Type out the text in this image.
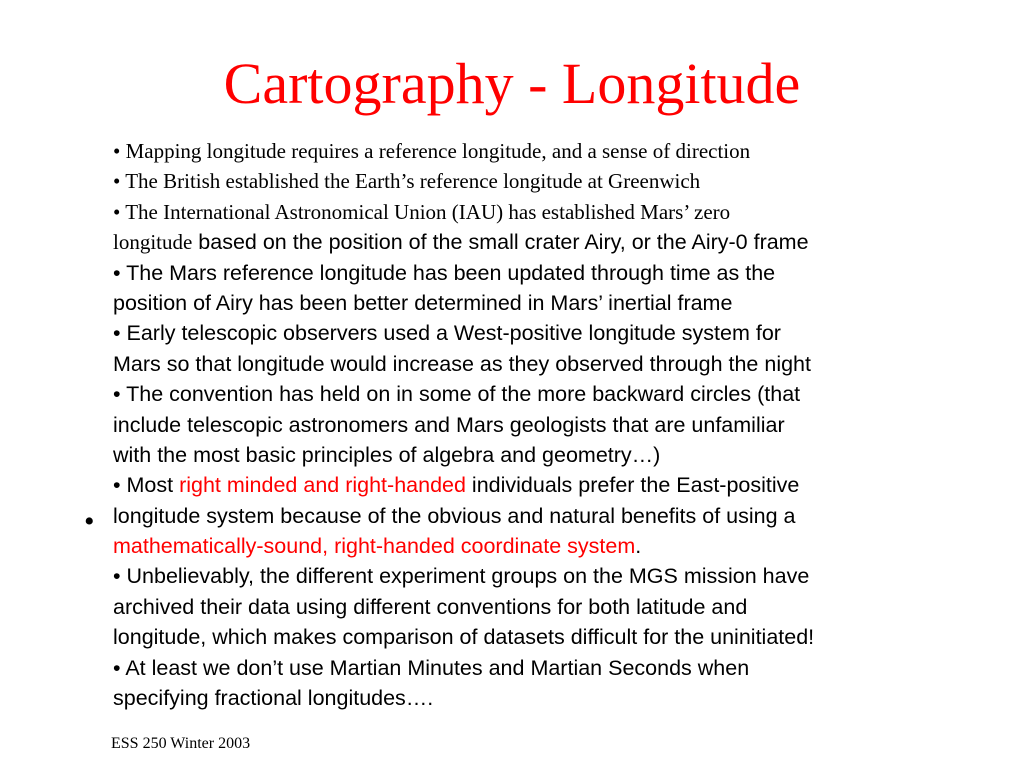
Cartography - Longitude
•
• Mapping longitude requires a reference longitude, and a sense of direction
• The British established the Earth’s reference longitude at Greenwich
• The International Astronomical Union (IAU) has established Mars’ zero
longitude based on the position of the small crater Airy, or the Airy-0 frame
• The Mars reference longitude has been updated through time as the
position of Airy has been better determined in Mars’ inertial frame
• Early telescopic observers used a West-positive longitude system for
Mars so that longitude would increase as they observed through the night
• The convention has held on in some of the more backward circles (that
include telescopic astronomers and Mars geologists that are unfamiliar
with the most basic principles of algebra and geometry…)
• Most right minded and right-handed individuals prefer the East-positive
longitude system because of the obvious and natural benefits of using a
mathematically-sound, right-handed coordinate system.
• Unbelievably, the different experiment groups on the MGS mission have
archived their data using different conventions for both latitude and
longitude, which makes comparison of datasets difficult for the uninitiated!
• At least we don’t use Martian Minutes and Martian Seconds when
specifying fractional longitudes….
ESS 250 Winter 2003
